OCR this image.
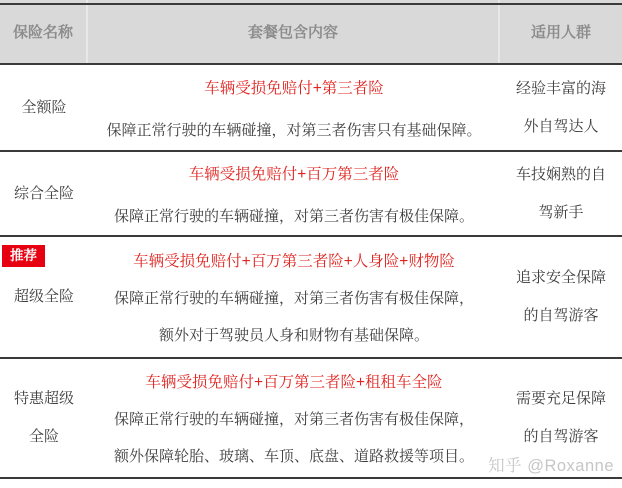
保险名称	套餐包含内容	适用人群
全额险
车辆受损免赔付+第三者险
保障正常行驶的车辆碰撞，对第三者伤害只有基础保障。
经验丰富的海外自驾达人
综合全险
车辆受损免赔付+百万第三者险
保障正常行驶的车辆碰撞，对第三者伤害有极佳保障。
车技娴熟的自驾新手
推荐
超级全险
车辆受损免赔付+百万第三者险+人身险+财物险
保障正常行驶的车辆碰撞，对第三者伤害有极佳保障，
额外对于驾驶员人身和财物有基础保障。
追求安全保障的自驾游客
特惠超级全险
车辆受损免赔付+百万第三者险+租租车全险
保障正常行驶的车辆碰撞，对第三者伤害有极佳保障，
额外保障轮胎、玻璃、车顶、底盘、道路救援等项目。
需要充足保障的自驾游客
知乎 @Roxanne
